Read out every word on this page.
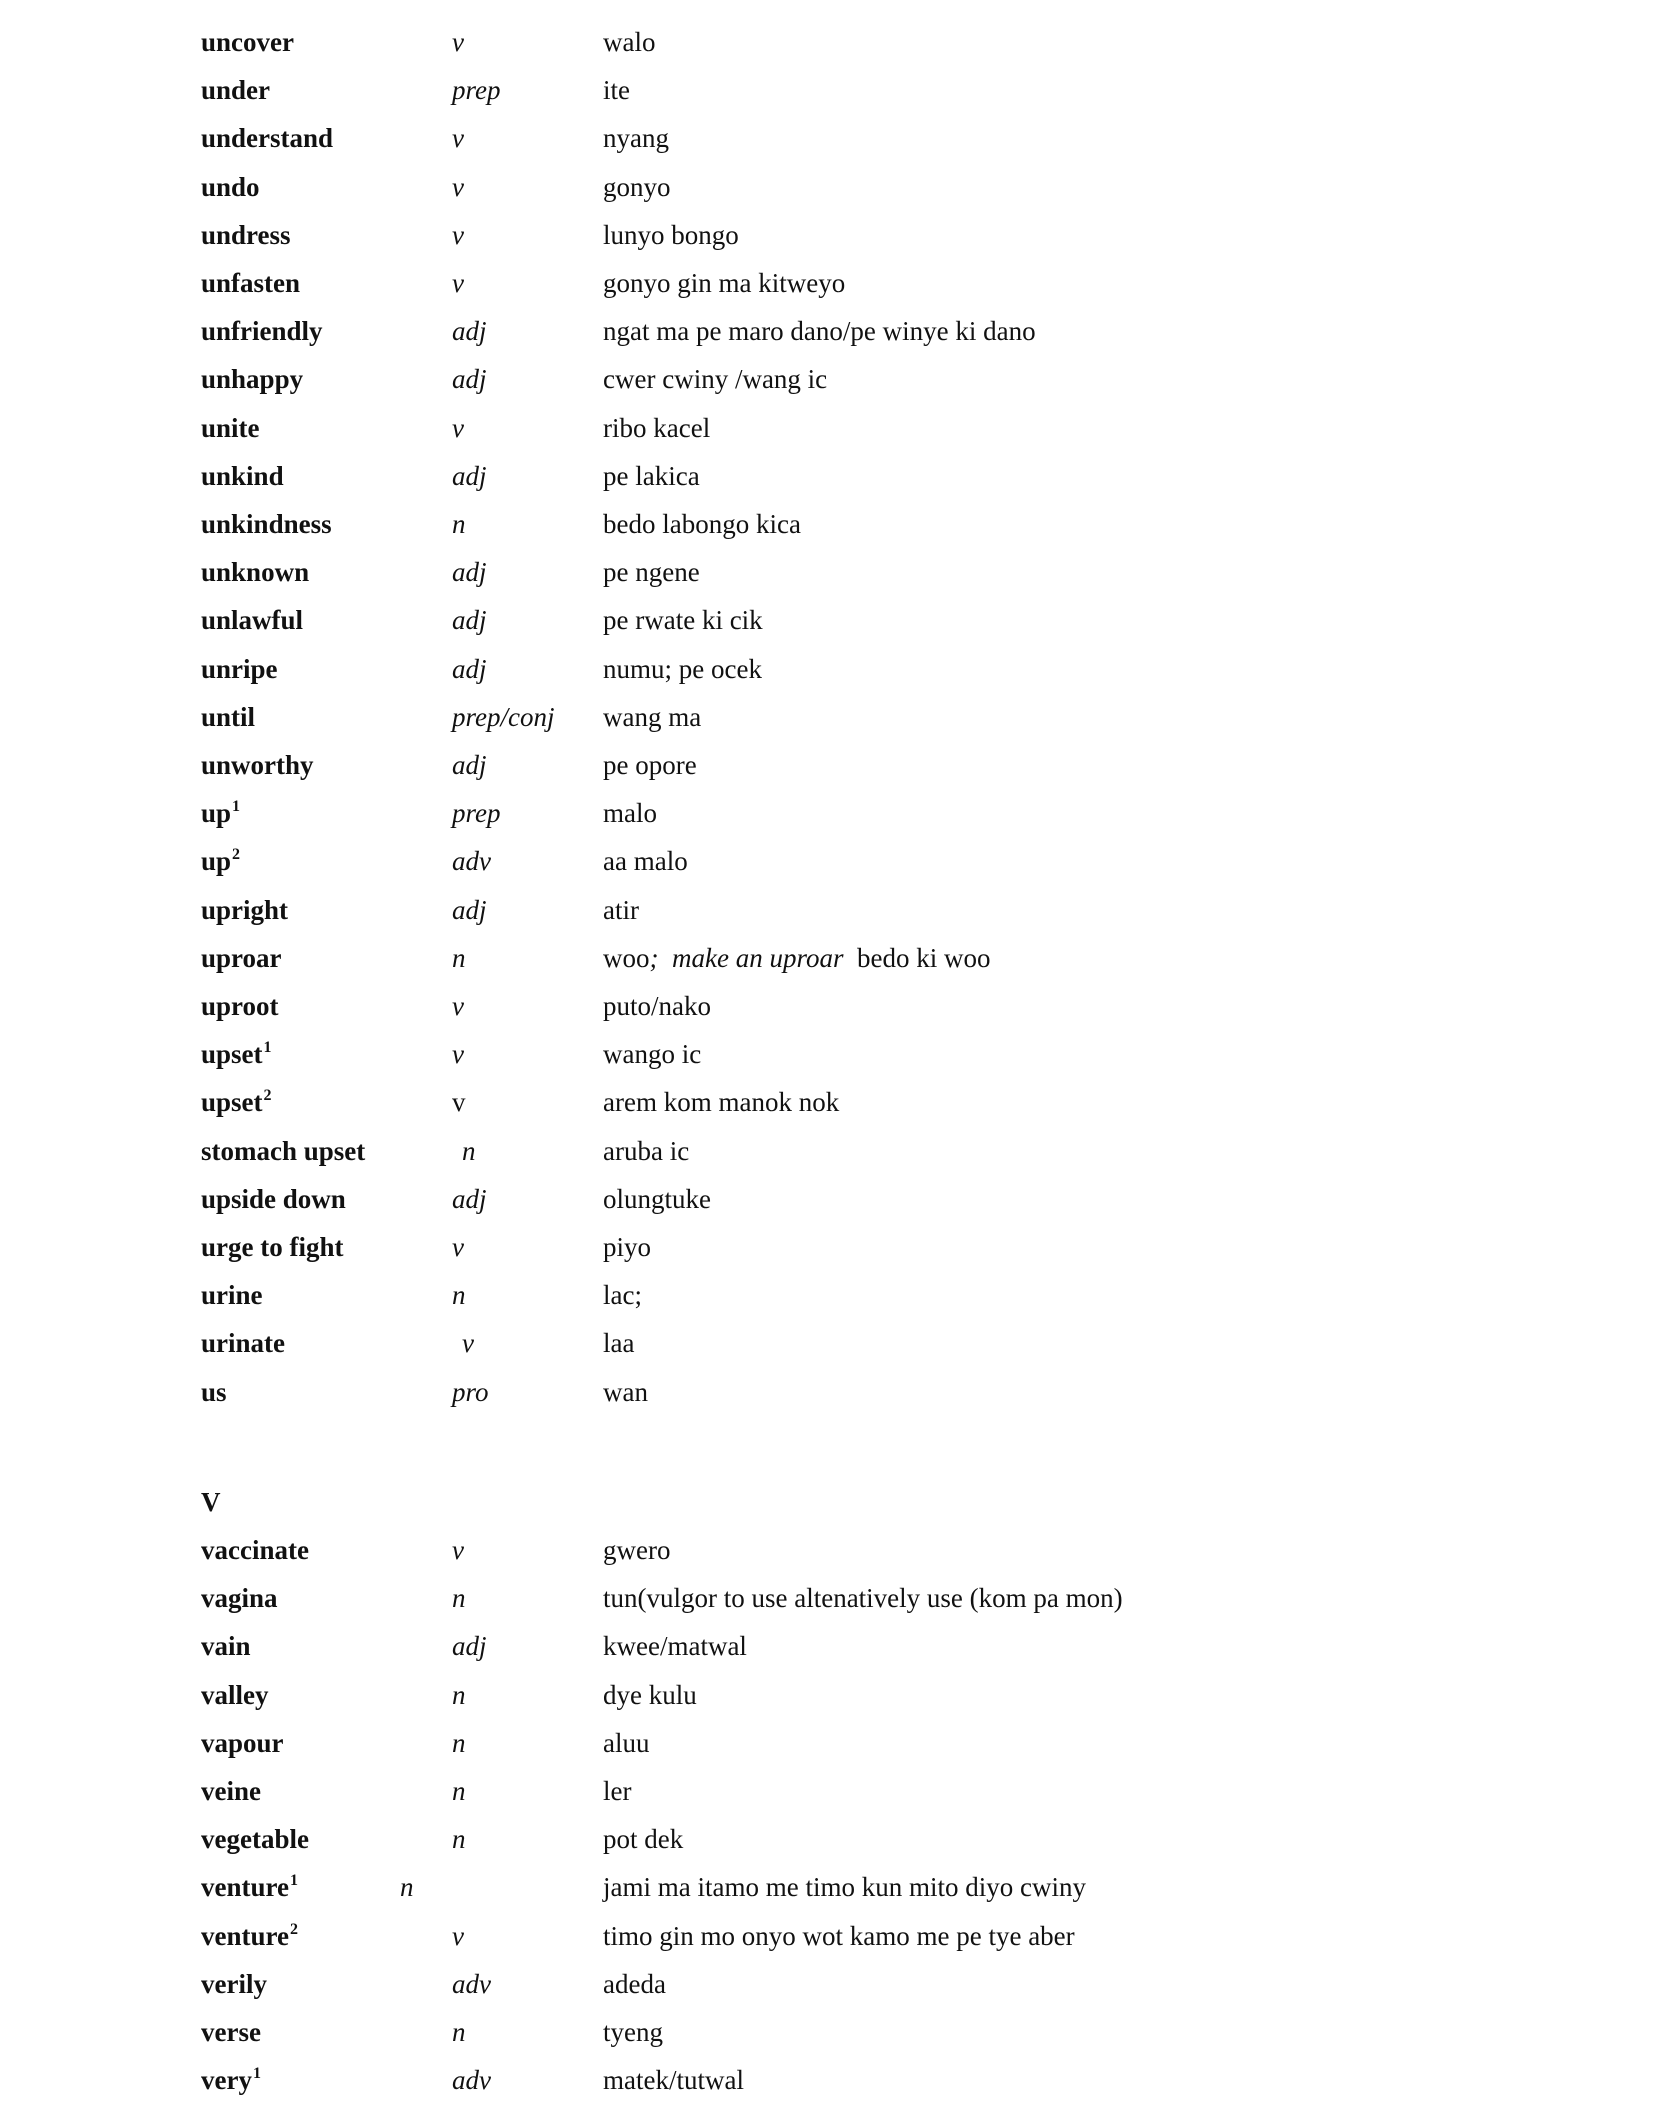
uncover	v	walo
under	prep	ite
understand	v	nyang
undo	v	gonyo
undress	v	lunyo bongo
unfasten	v	gonyo gin ma kitweyo
unfriendly	adj	ngat ma pe maro dano/pe winye ki dano
unhappy	adj	cwer cwiny /wang ic
unite	v	ribo kacel
unkind	adj	pe lakica
unkindness	n	bedo labongo kica
unknown	adj	pe ngene
unlawful	adj	pe rwate ki cik
unripe	adj	numu; pe ocek
until	prep/conj wang ma
unworthy	adj	pe opore
$up^1$	prep	malo
$up^2$	adv	aa malo
upright	adj	atir
uproar	n	woo;  make an uproar  bedo ki woo
uproot	v	puto/nako
upset$^1$	v	wango ic
upset$^2$	v	arem kom manok nok
stomach upset	n	aruba ic
upside down	adj	olungtuke
urge to fight	v	piyo
urine	n	lac;
urinate	v	laa
us	pro	wan
V
vaccinate	v	gwero
vagina	n	tun(vulgor to use altenatively use (kom pa mon)
vain	adj	kwee/matwal
valley	n	dye kulu
vapour	n	aluu
veine	n	ler
vegetable	n	pot dek
venture$^1$	n	jami ma itamo me timo kun mito diyo cwiny
venture$^2$	v	timo gin mo onyo wot kamo me pe tye aber
verily	adv	adeda
verse	n	tyeng
very$^1$	adv	matek/tutwal
